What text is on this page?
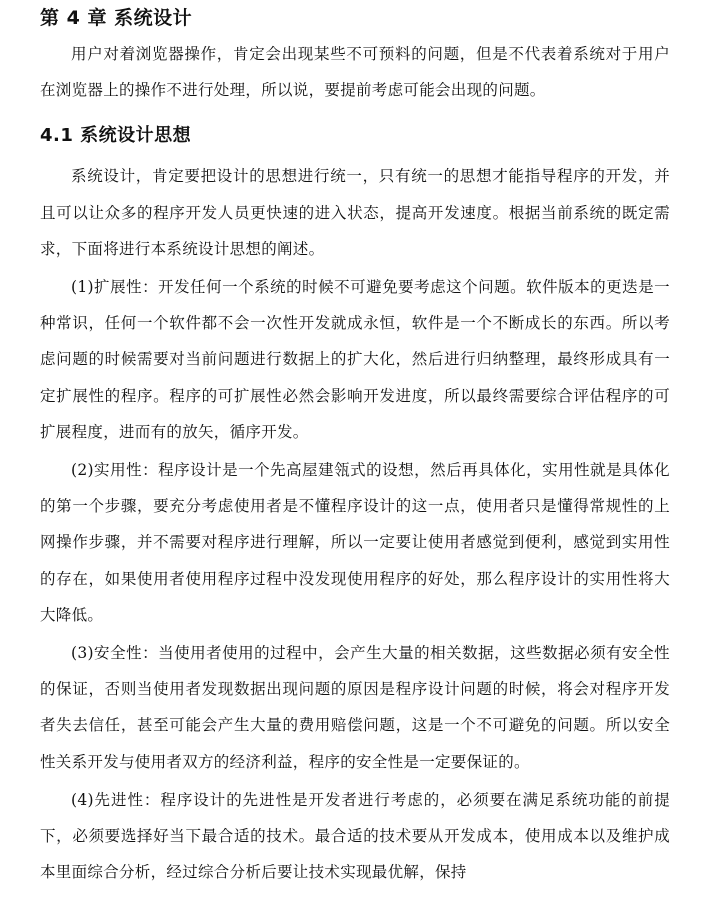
第 4 章 系统设计

用户对着浏览器操作，肯定会出现某些不可预料的问题，但是不代表着系统对于用户在浏览器上的操作不进行处理，所以说，要提前考虑可能会出现的问题。

4.1 系统设计思想

系统设计，肯定要把设计的思想进行统一，只有统一的思想才能指导程序的开发，并且可以让众多的程序开发人员更快速的进入状态，提高开发速度。根据当前系统的既定需求，下面将进行本系统设计思想的阐述。

(1)扩展性：开发任何一个系统的时候不可避免要考虑这个问题。软件版本的更迭是一种常识，任何一个软件都不会一次性开发就成永恒，软件是一个不断成长的东西。所以考虑问题的时候需要对当前问题进行数据上的扩大化，然后进行归纳整理，最终形成具有一定扩展性的程序。程序的可扩展性必然会影响开发进度，所以最终需要综合评估程序的可扩展程度，进而有的放矢，循序开发。

(2)实用性：程序设计是一个先高屋建瓴式的设想，然后再具体化，实用性就是具体化的第一个步骤，要充分考虑使用者是不懂程序设计的这一点，使用者只是懂得常规性的上网操作步骤，并不需要对程序进行理解，所以一定要让使用者感觉到便利，感觉到实用性的存在，如果使用者使用程序过程中没发现使用程序的好处，那么程序设计的实用性将大大降低。

(3)安全性：当使用者使用的过程中，会产生大量的相关数据，这些数据必须有安全性的保证，否则当使用者发现数据出现问题的原因是程序设计问题的时候，将会对程序开发者失去信任，甚至可能会产生大量的费用赔偿问题，这是一个不可避免的问题。所以安全性关系开发与使用者双方的经济利益，程序的安全性是一定要保证的。

(4)先进性：程序设计的先进性是开发者进行考虑的，必须要在满足系统功能的前提下，必须要选择好当下最合适的技术。最合适的技术要从开发成本，使用成本以及维护成本里面综合分析，经过综合分析后要让技术实现最优解，保持
